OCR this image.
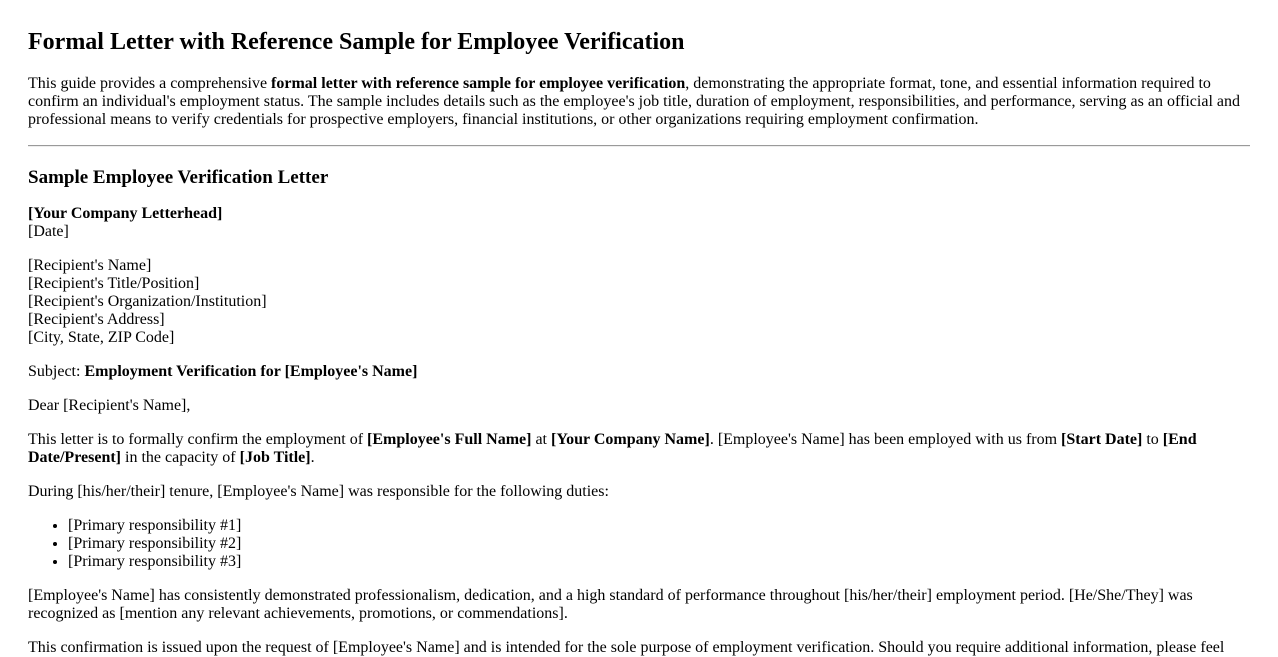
Formal Letter with Reference Sample for Employee Verification

This guide provides a comprehensive formal letter with reference sample for employee verification, demonstrating the appropriate format, tone, and essential information required to confirm an individual's employment status. The sample includes details such as the employee's job title, duration of employment, responsibilities, and performance, serving as an official and professional means to verify credentials for prospective employers, financial institutions, or other organizations requiring employment confirmation.

Sample Employee Verification Letter
[Your Company Letterhead]
[Date]
[Recipient's Name]
[Recipient's Title/Position]
[Recipient's Organization/Institution]
[Recipient's Address]
[City, State, ZIP Code]

Subject: Employment Verification for [Employee's Name]

Dear [Recipient's Name],

This letter is to formally confirm the employment of [Employee's Full Name] at [Your Company Name]. [Employee's Name] has been employed with us from [Start Date] to [End Date/Present] in the capacity of [Job Title].

During [his/her/their] tenure, [Employee's Name] was responsible for the following duties:

• [Primary responsibility #1]
• [Primary responsibility #2]
• [Primary responsibility #3]

[Employee's Name] has consistently demonstrated professionalism, dedication, and a high standard of performance throughout [his/her/their] employment period. [He/She/They] was recognized as [mention any relevant achievements, promotions, or commendations].

This confirmation is issued upon the request of [Employee's Name] and is intended for the sole purpose of employment verification. Should you require additional information, please feel
